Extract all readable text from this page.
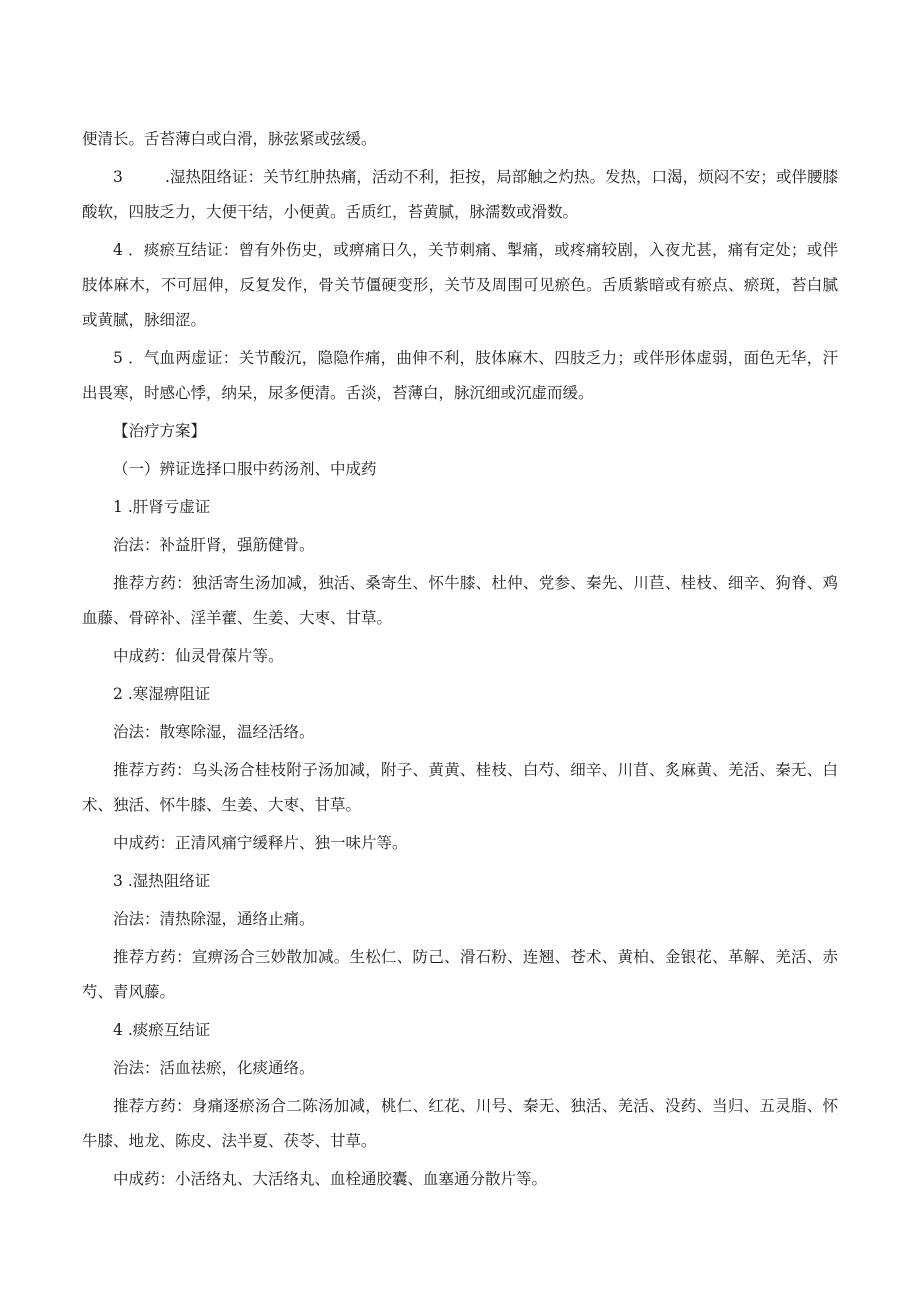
便清长。舌苔薄白或白滑，脉弦紧或弦缓。

3	.湿热阻络证：关节红肿热痛，活动不利，拒按，局部触之灼热。发热，口渴，烦闷不安；或伴腰膝酸软，四肢乏力，大便干结，小便黄。舌质红，苔黄腻，脉濡数或滑数。

4 ．痰瘀互结证：曾有外伤史，或痹痛日久，关节刺痛、掣痛，或疼痛较剧，入夜尤甚，痛有定处；或伴肢体麻木，不可屈伸，反复发作，骨关节僵硬变形，关节及周围可见瘀色。舌质紫暗或有瘀点、瘀斑，苔白腻或黄腻，脉细涩。

5 ．气血两虚证：关节酸沉，隐隐作痛，曲伸不利，肢体麻木、四肢乏力；或伴形体虚弱，面色无华，汗出畏寒，时感心悸，纳呆，尿多便清。舌淡，苔薄白，脉沉细或沉虚而缓。

【治疗方案】

（一）辨证选择口服中药汤剂、中成药

1 .肝肾亏虚证

治法：补益肝肾，强筋健骨。

推荐方药：独活寄生汤加减，独活、桑寄生、怀牛膝、杜仲、党参、秦先、川苣、桂枝、细辛、狗脊、鸡血藤、骨碎补、淫羊藿、生姜、大枣、甘草。

中成药：仙灵骨葆片等。

2 .寒湿痹阻证

治法：散寒除湿，温经活络。

推荐方药：乌头汤合桂枝附子汤加减，附子、黄黄、桂枝、白芍、细辛、川苜、炙麻黄、羌活、秦无、白术、独活、怀牛膝、生姜、大枣、甘草。

中成药：正清风痛宁缓释片、独一味片等。

3 .湿热阻络证

治法：清热除湿，通络止痛。

推荐方药：宣痹汤合三妙散加减。生松仁、防己、滑石粉、连翘、苍术、黄柏、金银花、革解、羌活、赤芍、青风藤。

4 .痰瘀互结证

治法：活血祛瘀，化痰通络。

推荐方药：身痛逐瘀汤合二陈汤加减，桃仁、红花、川号、秦无、独活、羌活、没药、当归、五灵脂、怀牛膝、地龙、陈皮、法半夏、茯苓、甘草。

中成药：小活络丸、大活络丸、血栓通胶囊、血塞通分散片等。
